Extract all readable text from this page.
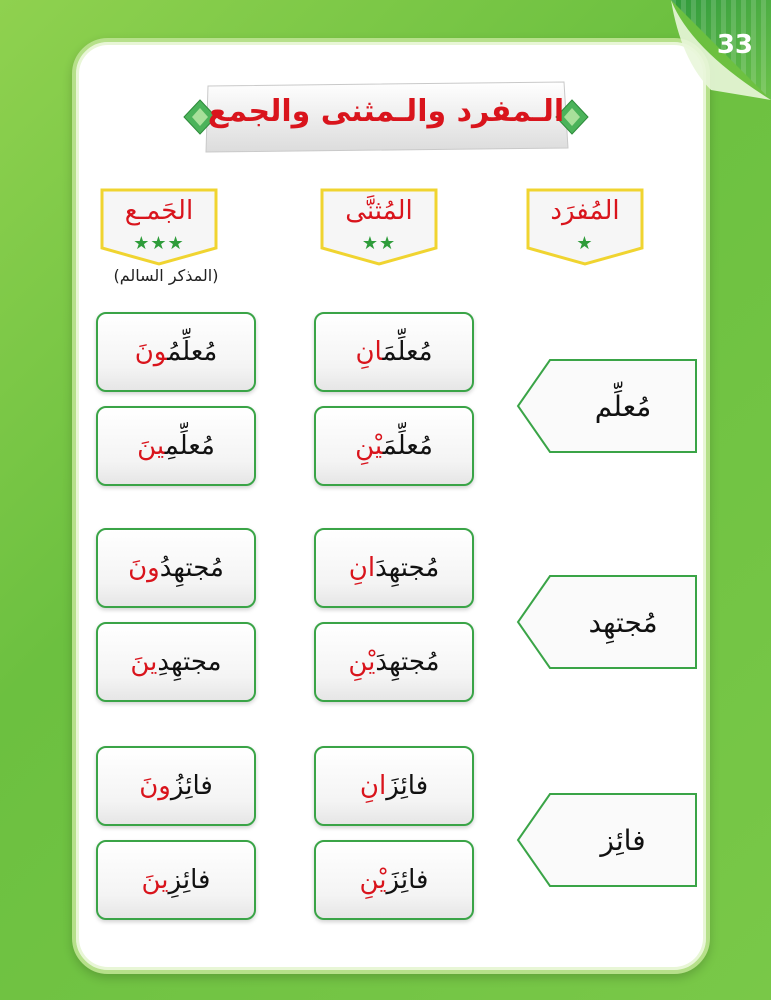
33
الـمفرد والـمثنى والجمع
الجَمـع
★★★
(المذكر السالم)
المُثنَّى
★★
المُفرَد
★
مُعلِّمُونَ
مُعلِّمِينَ
مُعلِّمَانِ
مُعلِّمَيْنِ
مُعلِّم
مُجتهِدُونَ
مجتهِدِينَ
مُجتهِدَانِ
مُجتهِدَيْنِ
مُجتهِد
فائِزُونَ
فائِزِينَ
فائِزَانِ
فائِزَيْنِ
فائِز
